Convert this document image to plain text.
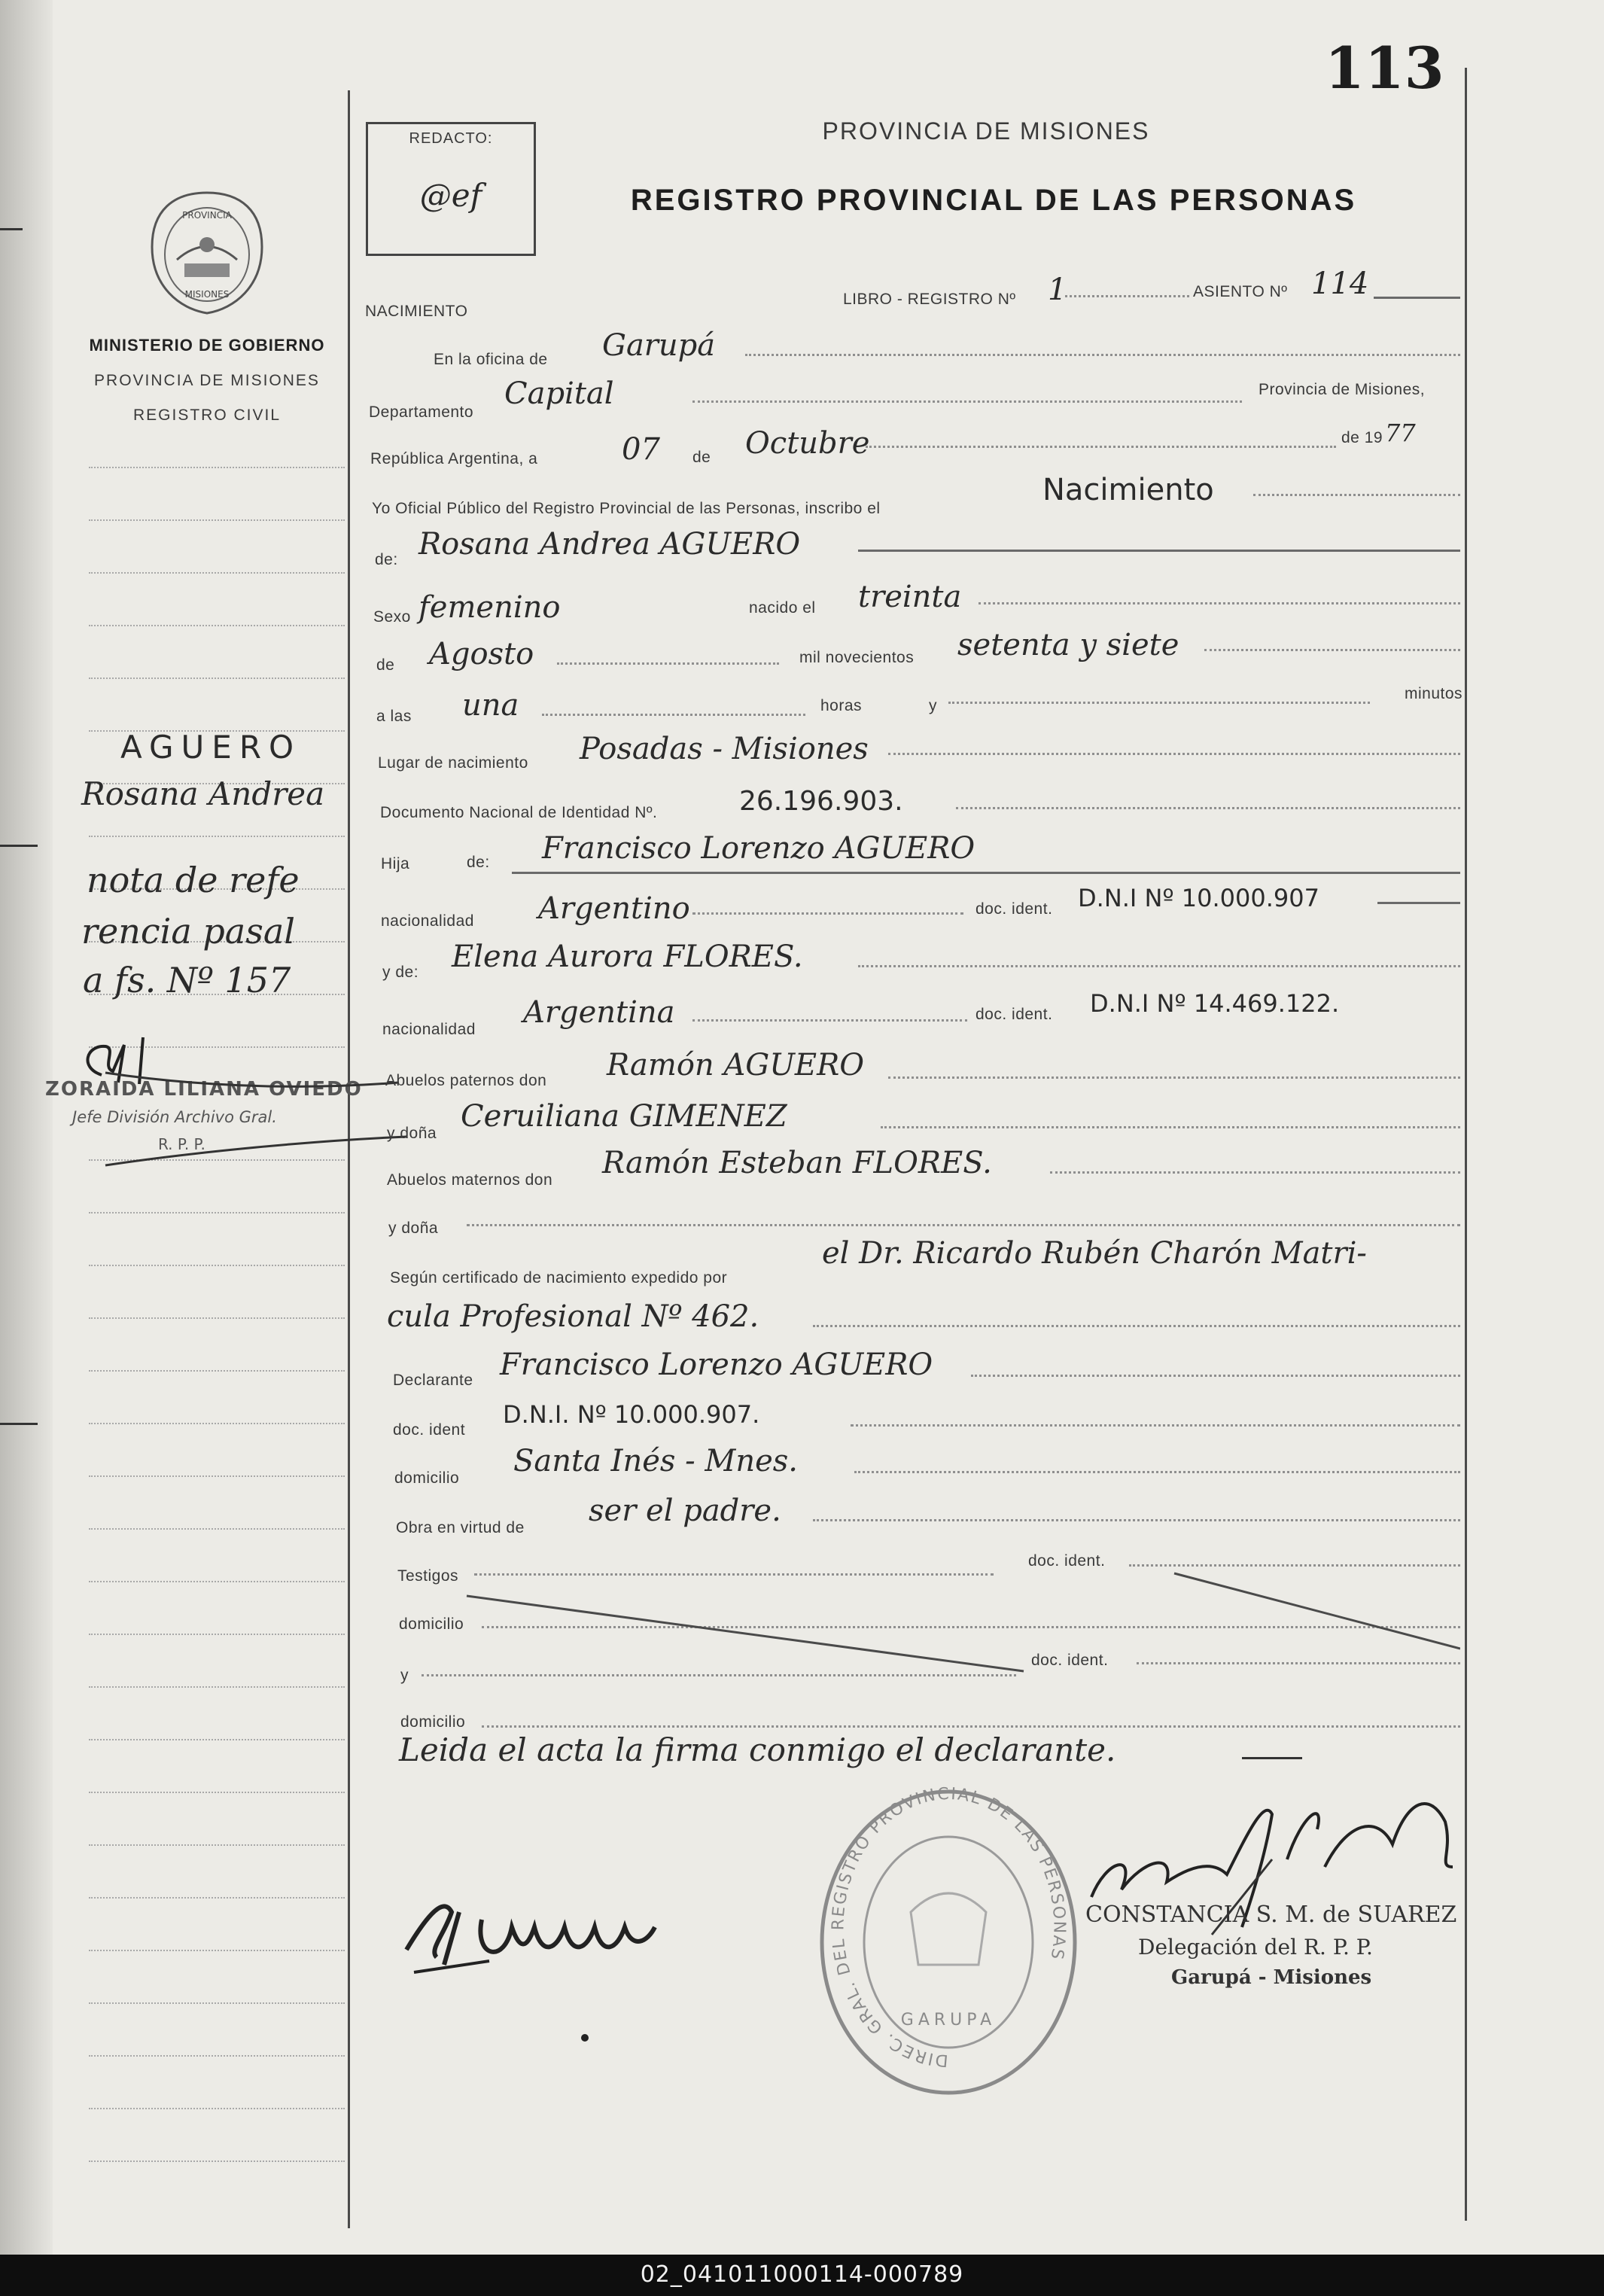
113
REDACTO:
@ef
PROVINCIA DE MISIONES
REGISTRO PROVINCIAL DE LAS PERSONAS
PROVINCIA
MISIONES
MINISTERIO DE GOBIERNO
PROVINCIA DE MISIONES
REGISTRO CIVIL
AGUERO
Rosana Andrea
nota de refe
rencia pasal
a fs. Nº 157
ZORAIDA LILIANA OVIEDO
Jefe División Archivo Gral.
R. P. P.
NACIMIENTO
LIBRO - REGISTRO Nº 1	ASIENTO Nº 114
En la oficina de Garupá
Departamento
Capital	Provincia de Misiones,
República Argentina, a	07 de Octubre	de 19 77
Yo Oficial Público del Registro Provincial de las Personas, inscribo el
Nacimiento
de: Rosana Andrea AGUERO
Sexo femenino	nacido el treinta
de Agosto	mil novecientos setenta y siete
a las una	horas	y
minutos
Lugar de nacimiento Posadas - Misiones
Documento Nacional de Identidad Nº.	26.196.903.
Hija	de: Francisco Lorenzo AGUERO
nacionalidad Argentino	doc. ident. D.N.I Nº 10.000.907
y de: Elena Aurora FLORES.
nacionalidad Argentina	doc. ident. D.N.I Nº 14.469.122.
Abuelos paternos don Ramón AGUERO
y doña Ceruiliana GIMENEZ
Abuelos maternos don Ramón Esteban FLORES.
y doña
Según certificado de nacimiento expedido por
el Dr. Ricardo Rubén Charón Matri-
cula Profesional Nº 462.
Declarante Francisco Lorenzo AGUERO
doc. ident
D.N.I. Nº 10.000.907.
domicilio Santa Inés - Mnes.
Obra en virtud de ser el padre.
Testigos
doc. ident.
domicilio
y
doc. ident.
domicilio
Leida el acta la firma conmigo el declarante.
DIREC. GRAL. DEL REGISTRO PROVINCIAL DE LAS PERSONAS
GARUPA
CONSTANCIA S. M. de SUAREZ
Delegación del R. P. P.
Garupá - Misiones
02_041011000114-000789
